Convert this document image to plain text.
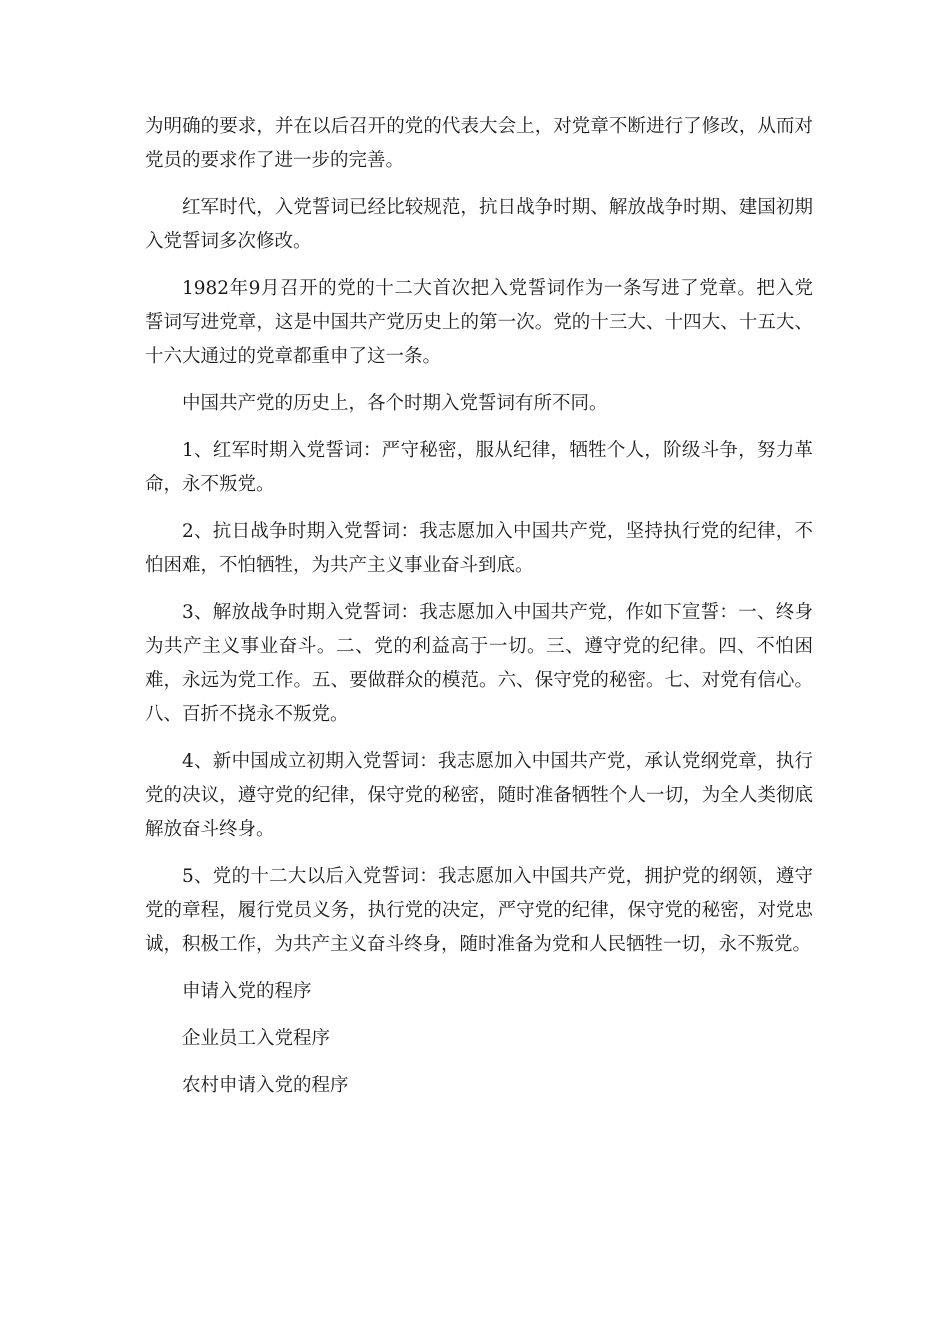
为明确的要求，并在以后召开的党的代表大会上，对党章不断进行了修改，从而对党员的要求作了进一步的完善。

红军时代，入党誓词已经比较规范，抗日战争时期、解放战争时期、建国初期入党誓词多次修改。

1982年9月召开的党的十二大首次把入党誓词作为一条写进了党章。把入党誓词写进党章，这是中国共产党历史上的第一次。党的十三大、十四大、十五大、十六大通过的党章都重申了这一条。

中国共产党的历史上，各个时期入党誓词有所不同。

1、红军时期入党誓词：严守秘密，服从纪律，牺牲个人，阶级斗争，努力革命，永不叛党。

2、抗日战争时期入党誓词：我志愿加入中国共产党，坚持执行党的纪律，不怕困难，不怕牺牲，为共产主义事业奋斗到底。

3、解放战争时期入党誓词：我志愿加入中国共产党，作如下宣誓：一、终身为共产主义事业奋斗。二、党的利益高于一切。三、遵守党的纪律。四、不怕困难，永远为党工作。五、要做群众的模范。六、保守党的秘密。七、对党有信心。八、百折不挠永不叛党。

4、新中国成立初期入党誓词：我志愿加入中国共产党，承认党纲党章，执行党的决议，遵守党的纪律，保守党的秘密，随时准备牺牲个人一切，为全人类彻底解放奋斗终身。

5、党的十二大以后入党誓词：我志愿加入中国共产党，拥护党的纲领，遵守党的章程，履行党员义务，执行党的决定，严守党的纪律，保守党的秘密，对党忠诚，积极工作，为共产主义奋斗终身，随时准备为党和人民牺牲一切，永不叛党。

申请入党的程序

企业员工入党程序

农村申请入党的程序
